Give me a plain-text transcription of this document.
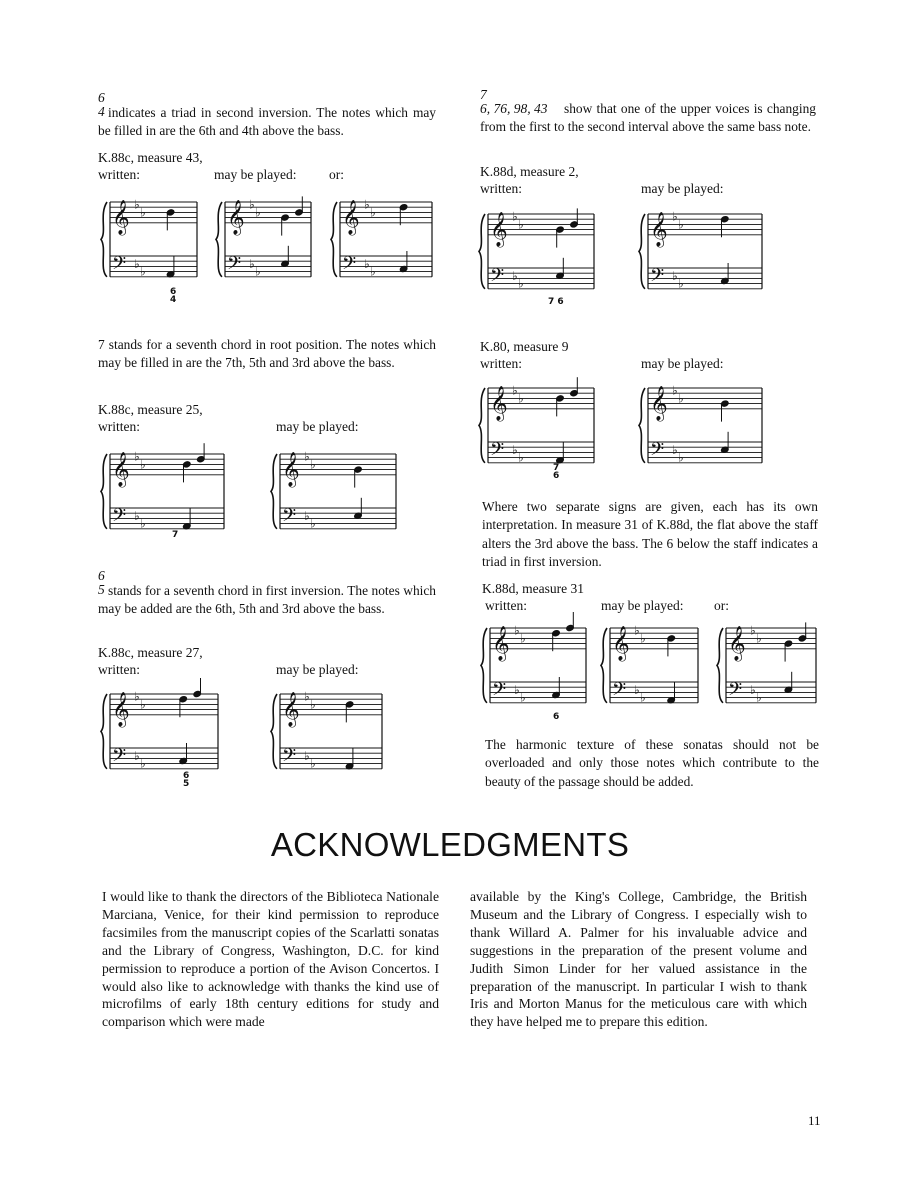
6
4 indicates a triad in second inversion. The notes which may be filled in are the 6th and 4th above the bass.
K.88c, measure 43,
written:	may be played: or:
𝄞 ♭
♭
𝄢 ♭
♭
𝄞 ♭
♭
𝄢 ♭
♭
𝄞 ♭
♭
𝄢 ♭
♭
6
4
7 stands for a seventh chord in root position. The notes which may be filled in are the 7th, 5th and 3rd above the bass.
K.88c, measure 25,
written:	may be played:
𝄞 ♭
♭
𝄢 ♭
♭
𝄞 ♭
♭
𝄢 ♭
♭
7
6
5 stands for a seventh chord in first inversion. The notes which may be added are the 6th, 5th and 3rd above the bass.
K.88c, measure 27,
written:	may be played:
𝄞 ♭
♭
𝄢 ♭
♭
𝄞 ♭
♭
𝄢 ♭
♭
6
5
7
6, 76, 98, 43	show that one of the upper voices is changing from the first to the second interval above the same bass note.
K.88d, measure 2,
written:	may be played:
𝄞 ♭
♭
𝄢 ♭
♭
𝄞 ♭
♭
𝄢 ♭
♭
7 6
K.80, measure 9
written:	may be played:
𝄞 ♭
♭
𝄢 ♭
♭
𝄞 ♭
♭
𝄢 ♭
♭
7
6
Where two separate signs are given, each has its own interpretation. In measure 31 of K.88d, the flat above the staff alters the 3rd above the bass. The 6 below the staff indicates a triad in first inversion.
K.88d, measure 31
written:	may be played: or:
𝄞 ♭
♭
𝄢 ♭
♭
𝄞 ♭
♭
𝄢 ♭
♭
𝄞 ♭
♭
𝄢 ♭
♭
6
The harmonic texture of these sonatas should not be overloaded and only those notes which contribute to the beauty of the passage should be added.
ACKNOWLEDGMENTS
I would like to thank the directors of the Biblioteca Nationale Marciana, Venice, for their kind permission to reproduce facsimiles from the manuscript copies of the Scarlatti sonatas and the Library of Congress, Washington, D.C. for kind permission to reproduce a portion of the Avison Concertos. I would also like to acknowledge with thanks the kind use of microfilms of early 18th century editions for study and comparison which were made
available by the King's College, Cambridge, the British Museum and the Library of Congress. I especially wish to thank Willard A. Palmer for his invaluable advice and suggestions in the preparation of the present volume and Judith Simon Linder for her valued assistance in the preparation of the manuscript. In particular I wish to thank Iris and Morton Manus for the meticulous care with which they have helped me to prepare this edition.
11
